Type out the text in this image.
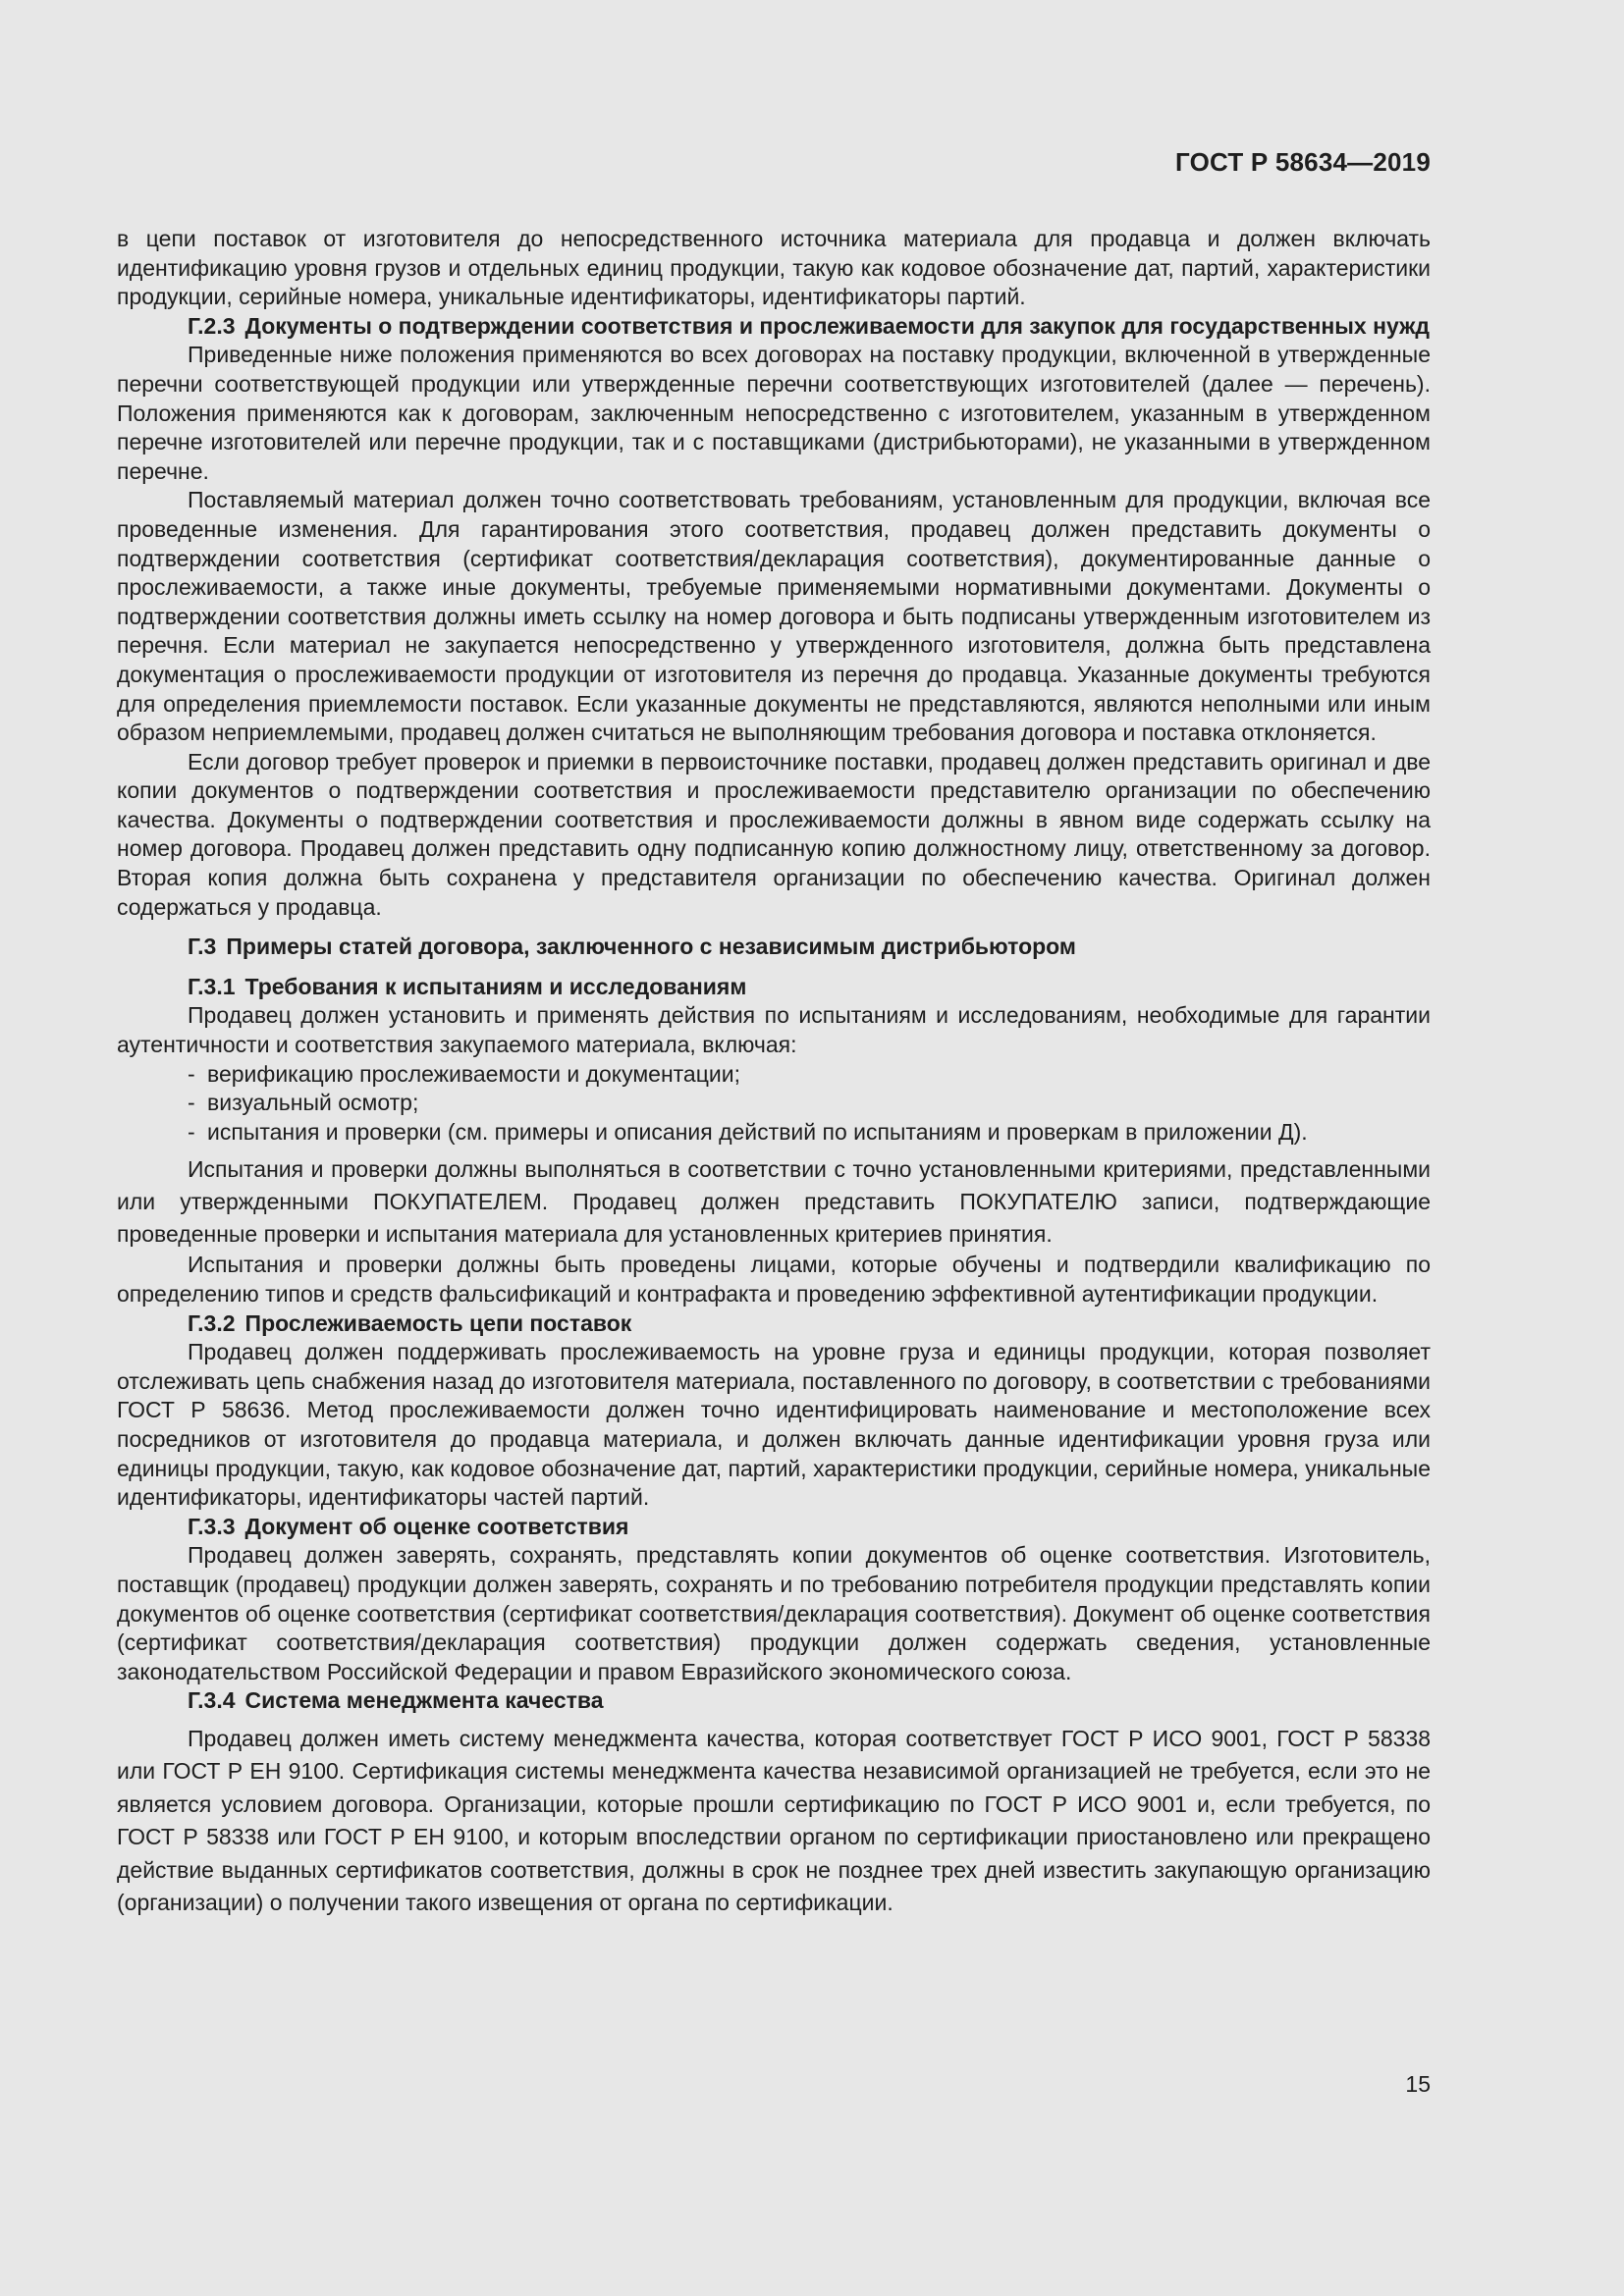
ГОСТ Р 58634—2019

в цепи поставок от изготовителя до непосредственного источника материала для продавца и должен включать идентификацию уровня грузов и отдельных единиц продукции, такую как кодовое обозначение дат, партий, характеристики продукции, серийные номера, уникальные идентификаторы, идентификаторы партий.

Г.2.3 Документы о подтверждении соответствия и прослеживаемости для закупок для государственных нужд

Приведенные ниже положения применяются во всех договорах на поставку продукции, включенной в утвержденные перечни соответствующей продукции или утвержденные перечни соответствующих изготовителей (далее — перечень). Положения применяются как к договорам, заключенным непосредственно с изготовителем, указанным в утвержденном перечне изготовителей или перечне продукции, так и с поставщиками (дистрибьюторами), не указанными в утвержденном перечне.

Поставляемый материал должен точно соответствовать требованиям, установленным для продукции, включая все проведенные изменения. Для гарантирования этого соответствия, продавец должен представить документы о подтверждении соответствия (сертификат соответствия/декларация соответствия), документированные данные о прослеживаемости, а также иные документы, требуемые применяемыми нормативными документами. Документы о подтверждении соответствия должны иметь ссылку на номер договора и быть подписаны утвержденным изготовителем из перечня. Если материал не закупается непосредственно у утвержденного изготовителя, должна быть представлена документация о прослеживаемости продукции от изготовителя из перечня до продавца. Указанные документы требуются для определения приемлемости поставок. Если указанные документы не представляются, являются неполными или иным образом неприемлемыми, продавец должен считаться не выполняющим требования договора и поставка отклоняется.

Если договор требует проверок и приемки в первоисточнике поставки, продавец должен представить оригинал и две копии документов о подтверждении соответствия и прослеживаемости представителю организации по обеспечению качества. Документы о подтверждении соответствия и прослеживаемости должны в явном виде содержать ссылку на номер договора. Продавец должен представить одну подписанную копию должностному лицу, ответственному за договор. Вторая копия должна быть сохранена у представителя организации по обеспечению качества. Оригинал должен содержаться у продавца.

Г.3 Примеры статей договора, заключенного с независимым дистрибьютором

Г.3.1 Требования к испытаниям и исследованиям

Продавец должен установить и применять действия по испытаниям и исследованиям, необходимые для гарантии аутентичности и соответствия закупаемого материала, включая:

- верификацию прослеживаемости и документации;
- визуальный осмотр;
- испытания и проверки (см. примеры и описания действий по испытаниям и проверкам в приложении Д).

Испытания и проверки должны выполняться в соответствии с точно установленными критериями, представленными или утвержденными ПОКУПАТЕЛЕМ. Продавец должен представить ПОКУПАТЕЛЮ записи, подтверждающие проведенные проверки и испытания материала для установленных критериев принятия.

Испытания и проверки должны быть проведены лицами, которые обучены и подтвердили квалификацию по определению типов и средств фальсификаций и контрафакта и проведению эффективной аутентификации продукции.

Г.3.2 Прослеживаемость цепи поставок

Продавец должен поддерживать прослеживаемость на уровне груза и единицы продукции, которая позволяет отслеживать цепь снабжения назад до изготовителя материала, поставленного по договору, в соответствии с требованиями ГОСТ Р 58636. Метод прослеживаемости должен точно идентифицировать наименование и местоположение всех посредников от изготовителя до продавца материала, и должен включать данные идентификации уровня груза или единицы продукции, такую, как кодовое обозначение дат, партий, характеристики продукции, серийные номера, уникальные идентификаторы, идентификаторы частей партий.

Г.3.3 Документ об оценке соответствия

Продавец должен заверять, сохранять, представлять копии документов об оценке соответствия. Изготовитель, поставщик (продавец) продукции должен заверять, сохранять и по требованию потребителя продукции представлять копии документов об оценке соответствия (сертификат соответствия/декларация соответствия). Документ об оценке соответствия (сертификат соответствия/декларация соответствия) продукции должен содержать сведения, установленные законодательством Российской Федерации и правом Евразийского экономического союза.

Г.3.4 Система менеджмента качества

Продавец должен иметь систему менеджмента качества, которая соответствует ГОСТ Р ИСО 9001, ГОСТ Р 58338 или ГОСТ Р ЕН 9100. Сертификация системы менеджмента качества независимой организацией не требуется, если это не является условием договора. Организации, которые прошли сертификацию по ГОСТ Р ИСО 9001 и, если требуется, по ГОСТ Р 58338 или ГОСТ Р ЕН 9100, и которым впоследствии органом по сертификации приостановлено или прекращено действие выданных сертификатов соответствия, должны в срок не позднее трех дней известить закупающую организацию (организации) о получении такого извещения от органа по сертификации.

15
